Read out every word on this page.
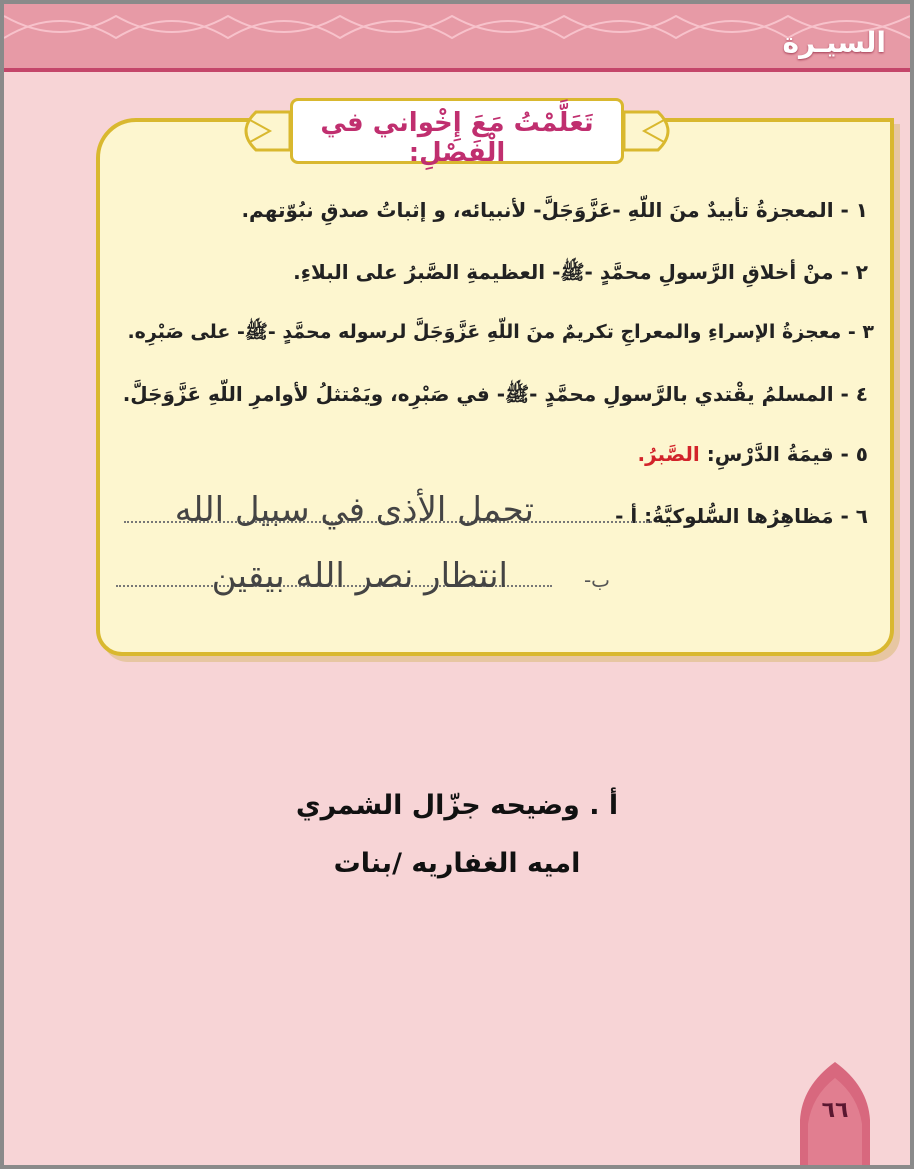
السيـرة
تَعَلَّمْتُ مَعَ إِخْواني في الْفَصْلِ:
١ - المعجزةُ تأييدٌ منَ اللّهِ -عَزَّوَجَلَّ- لأنبيائه، و إثباتُ صدقِ نبُوّتهم.
٢ - منْ أخلاقِ الرَّسولِ محمَّدٍ -ﷺ- العظيمةِ الصَّبرُ على البلاءِ.
٣ - معجزةُ الإسراءِ والمعراجِ تكريمٌ منَ اللّهِ عَزَّوَجَلَّ لرسوله محمَّدٍ -ﷺ- على صَبْرِه.
٤ - المسلمُ يقْتدي بالرَّسولِ محمَّدٍ -ﷺ- في صَبْرِه، ويَمْتثلُ لأوامرِ اللّهِ عَزَّوَجَلَّ.
٥ - قيمَةُ الدَّرْسِ: الصَّبرُ.
٦ - مَظاهِرُها السُّلوكيَّةُ: أ -
تحمل الأذى في سبيل الله
ب-
انتظار نصر الله بيقين
أ . وضيحه جزّال الشمري
اميه الغفاريه /بنات
٦٦
